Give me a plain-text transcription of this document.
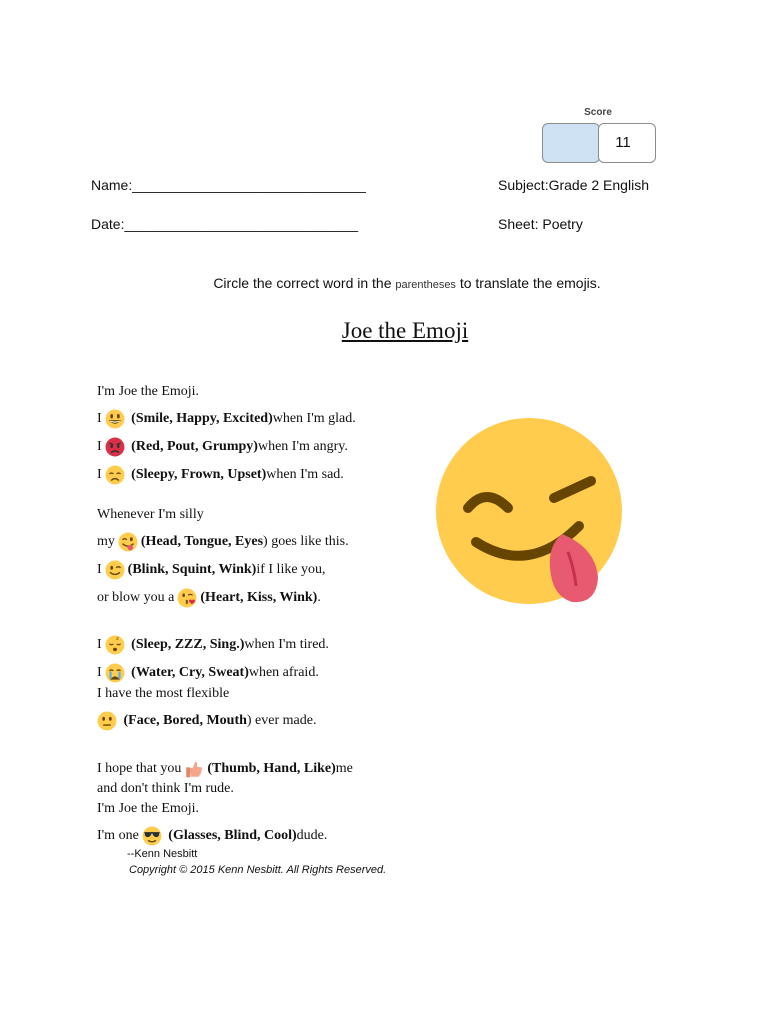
Score
11
Name:______________________________
Date:______________________________
Subject:Grade 2 English
Sheet: Poetry
Circle the correct word in the parentheses to translate the emojis.
Joe the Emoji
I'm Joe the Emoji.
I
(Smile, Happy, Excited) when I'm glad.
I
(Red, Pout, Grumpy) when I'm angry.
I
(Sleepy, Frown, Upset) when I'm sad.
Whenever I'm silly
my (Head, Tongue, Eyes ) goes like this.
I (Blink, Squint, Wink) if I like you,
or blow you a (Heart, Kiss, Wink) .
I z
(Sleep, ZZZ, Sing.) when I'm tired.
I
(Water, Cry, Sweat) when afraid.
I have the most flexible

(Face, Bored, Mouth ) ever made.
I hope that you (Thumb, Hand, Like) me
and don't think I'm rude.
I'm Joe the Emoji.
I'm one
(Glasses, Blind, Cool) dude.
--Kenn Nesbitt
Copyright © 2015 Kenn Nesbitt. All Rights Reserved.
